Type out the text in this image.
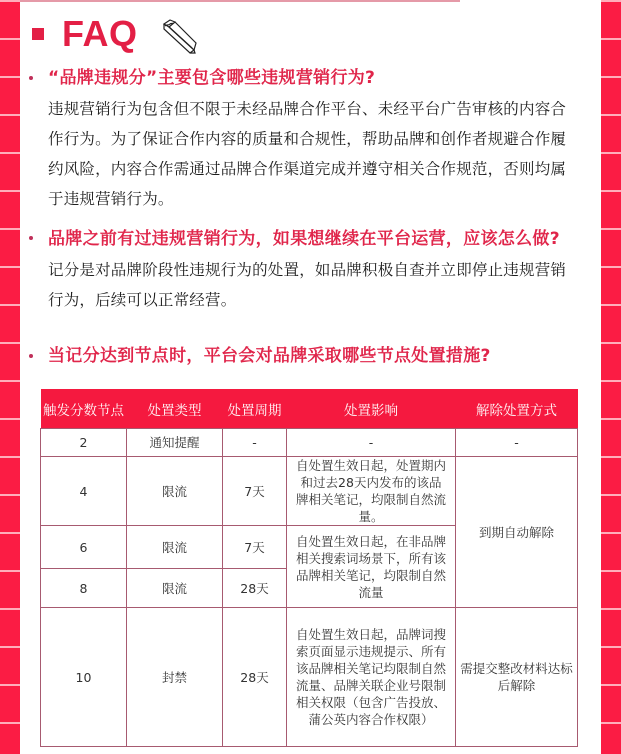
FAQ
“品牌违规分”主要包含哪些违规营销行为?
违规营销行为包含但不限于未经品牌合作平台、未经平台广告审核的内容合作行为。为了保证合作内容的质量和合规性，帮助品牌和创作者规避合作履约风险，内容合作需通过品牌合作渠道完成并遵守相关合作规范，否则均属于违规营销行为。
品牌之前有过违规营销行为，如果想继续在平台运营，应该怎么做?
记分是对品牌阶段性违规行为的处置，如品牌积极自查并立即停止违规营销行为，后续可以正常经营。
当记分达到节点时，平台会对品牌采取哪些节点处置措施?
触发分数节点	处置类型	处置周期	处置影响	解除处置方式
2	通知提醒	-	-	-
4	限流	7天	自处置生效日起，处置期内和过去28天内发布的该品牌相关笔记，均限制自然流量。	到期自动解除
6	限流	7天	自处置生效日起，在非品牌相关搜索词场景下，所有该品牌相关笔记，均限制自然流量	
8	限流	28天		
10	封禁	28天	自处置生效日起，品牌词搜索页面显示违规提示、所有该品牌相关笔记均限制自然流量、品牌关联企业号限制相关权限（包含广告投放、蒲公英内容合作权限）	需提交整改材料达标后解除
